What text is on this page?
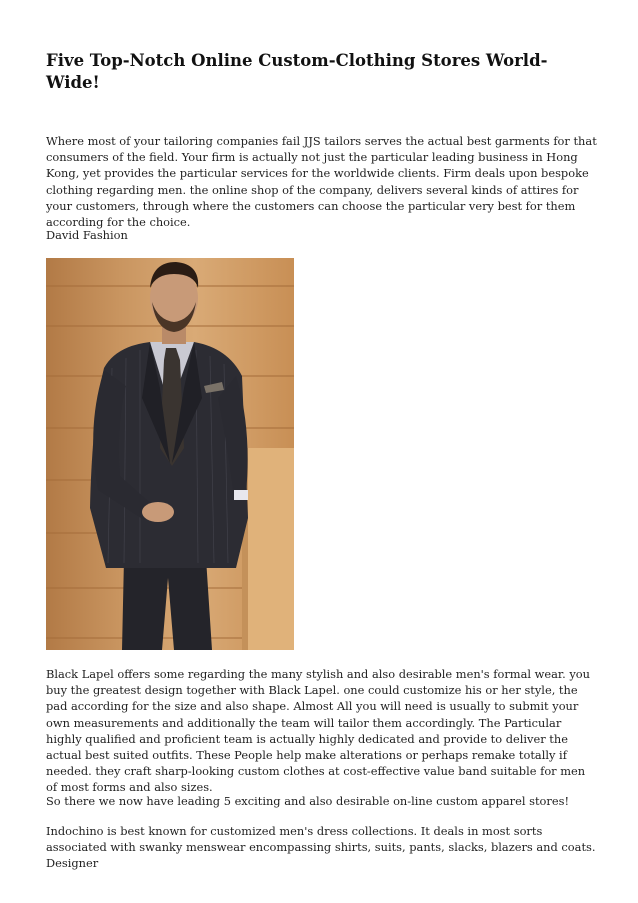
Five Top-Notch Online Custom-Clothing Stores World-Wide!

Where most of your tailoring companies fail JJS tailors serves the actual best garments for that consumers of the field. Your firm is actually not just the particular leading business in Hong Kong, yet provides the particular services for the worldwide clients. Firm deals upon bespoke clothing regarding men. the online shop of the company, delivers several kinds of attires for your customers, through where the customers can choose the particular very best for them according for the choice.

David Fashion

Black Lapel offers some regarding the many stylish and also desirable men's formal wear. you buy the greatest design together with Black Lapel. one could customize his or her style, the pad according for the size and also shape. Almost All you will need is usually to submit your own measurements and additionally the team will tailor them accordingly. The Particular highly qualified and proficient team is actually highly dedicated and provide to deliver the actual best suited outfits. These People help make alterations or perhaps remake totally if needed. they craft sharp-looking custom clothes at cost-effective value band suitable for men of most forms and also sizes.

So there we now have leading 5 exciting and also desirable on-line custom apparel stores!

Indochino is best known for customized men's dress collections. It deals in most sorts associated with swanky menswear encompassing shirts, suits, pants, slacks, blazers and coats. Designer
